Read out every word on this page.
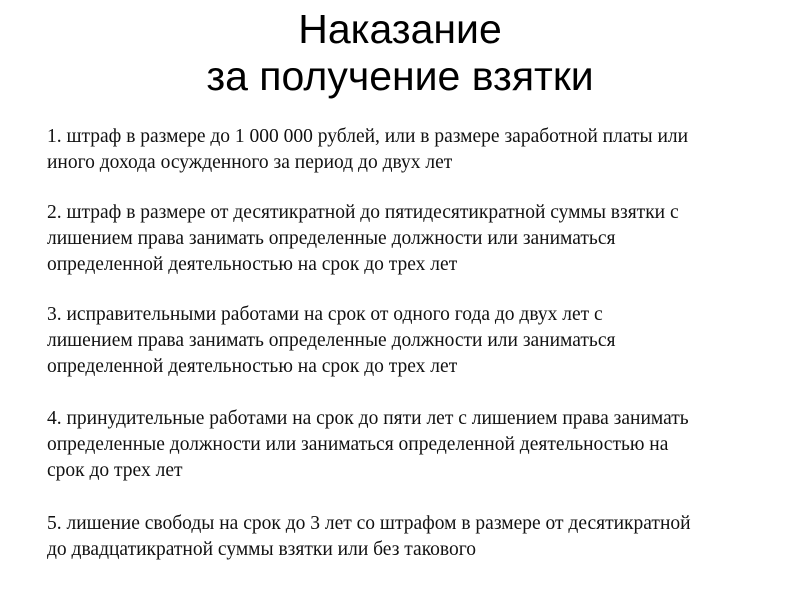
Наказание
за получение взятки

1. штраф в размере до 1 000 000 рублей, или в размере заработной платы или
иного дохода осужденного за период до двух лет

2. штраф в размере от десятикратной до пятидесятикратной суммы взятки с
лишением права занимать определенные должности или заниматься
определенной деятельностью на срок до трех лет

3. исправительными работами на срок от одного года до двух лет с
лишением права занимать определенные должности или заниматься
определенной деятельностью на срок до трех лет

4. принудительные работами на срок до пяти лет с лишением права занимать
определенные должности или заниматься определенной деятельностью на
срок до трех лет

5. лишение свободы на срок до 3 лет со штрафом в размере от десятикратной
до двадцатикратной суммы взятки или без такового
